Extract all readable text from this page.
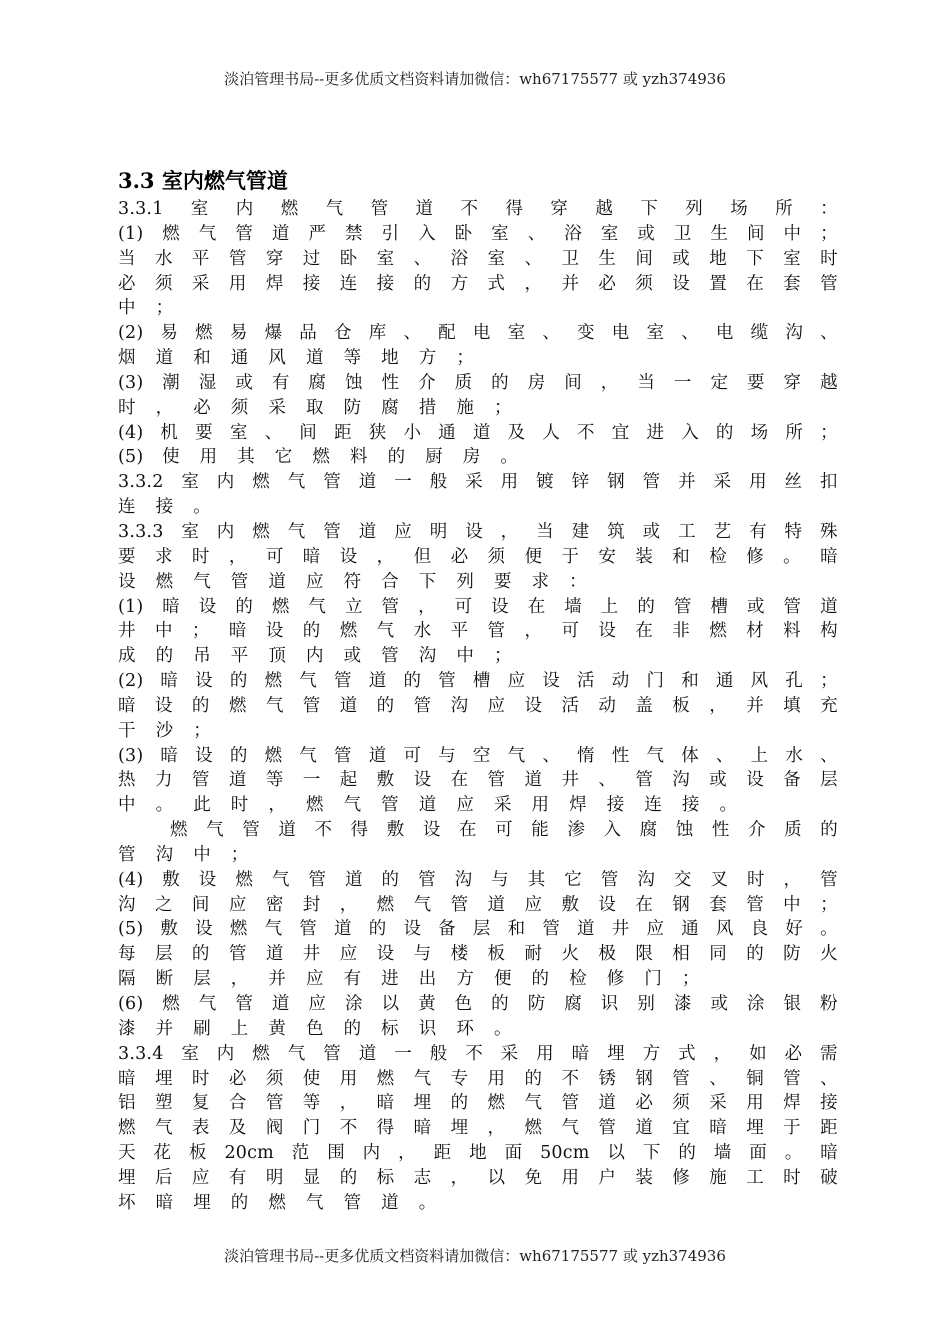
淡泊管理书局--更多优质文档资料请加微信：wh67175577 或 yzh374936
3.3 室内燃气管道
3.3.1 室 内 燃 气 管 道 不 得 穿 越 下 列 场 所 ：
(1) 燃 气 管 道 严 禁 引 入 卧 室 、 浴 室 或 卫 生 间 中 ；
当 水 平 管 穿 过 卧 室 、 浴 室 、 卫 生 间 或 地 下 室 时
必 须 采 用 焊 接 连 接 的 方 式 ， 并 必 须 设 置 在 套 管
中	；
(2) 易 燃 易 爆 品 仓 库 、 配 电 室 、 变 电 室 、 电 缆 沟 、
烟	道	和	通	风	道	等	地	方	；
(3) 潮 湿 或 有 腐 蚀 性 介 质 的 房 间 ， 当 一 定 要 穿 越
时	，	必	须	采	取	防	腐	措	施	；
(4) 机 要 室 、 间 距 狭 小 通 道 及 人 不 宜 进 入 的 场 所 ；
(5)	使	用	其	它	燃	料	的	厨	房	。
3.3.2 室 内 燃 气 管 道 一 般 采 用 镀 锌 钢 管 并 采 用 丝 扣
连	接	。
3.3.3 室 内 燃 气 管 道 应 明 设 ， 当 建 筑 或 工 艺 有 特 殊
要 求 时 ， 可 暗 设 ， 但 必 须 便 于 安 装 和 检 修 。 暗
设	燃	气	管	道	应	符	合	下	列	要	求	：
(1) 暗 设 的 燃 气 立 管 ， 可 设 在 墙 上 的 管 槽 或 管 道
井 中 ； 暗 设 的 燃 气 水 平 管 ， 可 设 在 非 燃 材 料 构
成	的	吊	平	顶	内	或	管	沟	中	；
(2) 暗 设 的 燃 气 管 道 的 管 槽 应 设 活 动 门 和 通 风 孔 ；
暗 设 的 燃 气 管 道 的 管 沟 应 设 活 动 盖 板 ， 并 填 充
干	沙	；
(3) 暗 设 的 燃 气 管 道 可 与 空 气 、 惰 性 气 体 、 上 水 、
热 力 管 道 等 一 起 敷 设 在 管 道 井 、 管 沟 或 设 备 层
中	。	此	时	，	燃	气	管	道	应	采	用	焊	接	连	接	。
燃 气 管 道 不 得 敷 设 在 可 能 渗 入 腐 蚀 性 介 质 的
管	沟	中	；
(4) 敷 设 燃 气 管 道 的 管 沟 与 其 它 管 沟 交 叉 时 ， 管
沟 之 间 应 密 封 ， 燃 气 管 道 应 敷 设 在 钢 套 管 中 ；
(5) 敷 设 燃 气 管 道 的 设 备 层 和 管 道 井 应 通 风 良 好 。
每 层 的 管 道 井 应 设 与 楼 板 耐 火 极 限 相 同 的 防 火
隔	断	层	，	并	应	有	进	出	方	便	的	检	修	门	；
(6) 燃 气 管 道 应 涂 以 黄 色 的 防 腐 识 别 漆 或 涂 银 粉
漆	并	刷	上	黄	色	的	标	识	环	。
3.3.4 室 内 燃 气 管 道 一 般 不 采 用 暗 埋 方 式 ， 如 必 需
暗 埋 时 必 须 使 用 燃 气 专 用 的 不 锈 钢 管 、 铜 管 、
铝 塑 复 合 管 等 ， 暗 埋 的 燃 气 管 道 必 须 采 用 焊 接
燃 气 表 及 阀 门 不 得 暗 埋 ， 燃 气 管 道 宜 暗 埋 于 距
天 花 板 20cm 范 围 内 ， 距 地 面 50cm 以 下 的 墙 面 。 暗
埋 后 应 有 明 显 的 标 志 ， 以 免 用 户 装 修 施 工 时 破
坏	暗	埋	的	燃	气	管	道	。
淡泊管理书局--更多优质文档资料请加微信：wh67175577 或 yzh374936
